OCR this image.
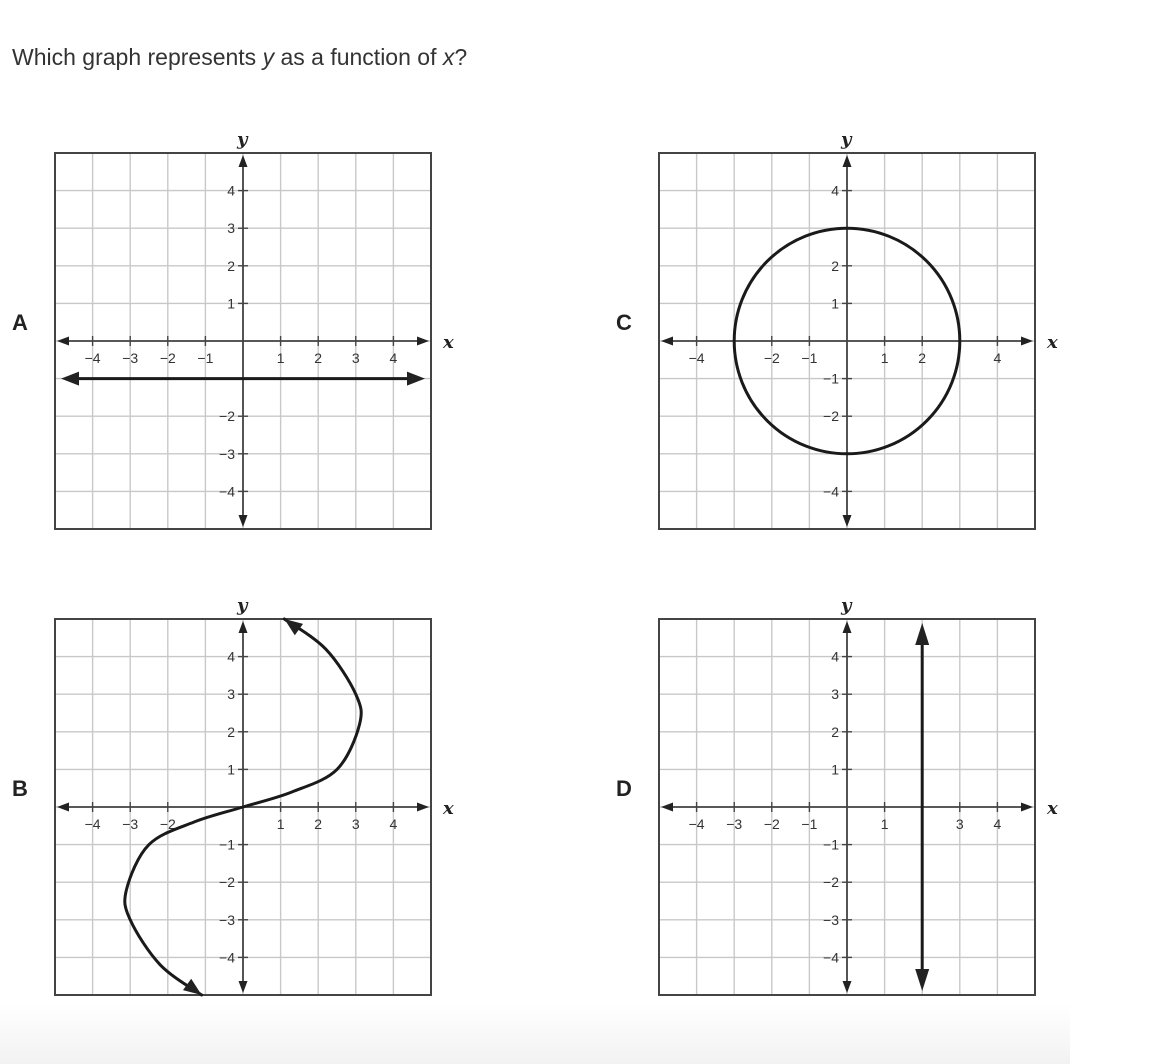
Which graph represents y as a function of x?
A
x
y
−4 −3 −2 −1	1 2 3 4
4
3
2
1
−2
−3
−4
C
x
y
−4	−2 −1	1 2	4
4
2
1
−1
−2
−4
B
x
y
−4 −3 −2	1 2 3 4
4
3
2
1
−1
−2
−3
−4
D
x
y
−4 −3 −2 −1	1	3 4
4
3
2
1
−1
−2
−3
−4
